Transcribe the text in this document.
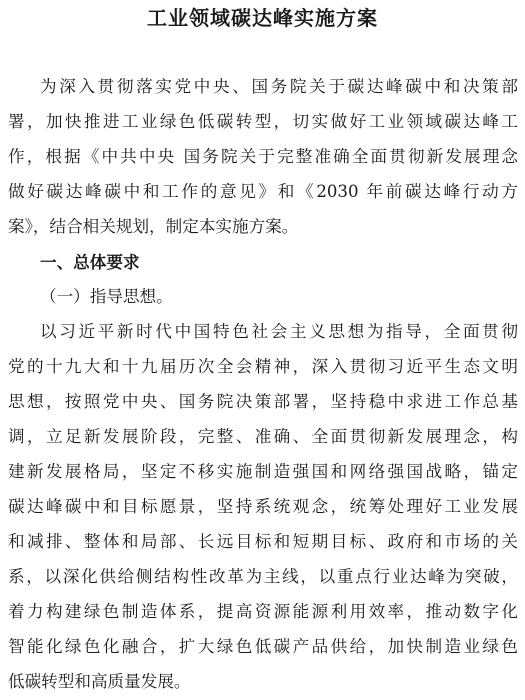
工业领域碳达峰实施方案
为深入贯彻落实党中央、国务院关于碳达峰碳中和决策部
署，加快推进工业绿色低碳转型，切实做好工业领域碳达峰工
作，根据《中共中央 国务院关于完整准确全面贯彻新发展理念
做好碳达峰碳中和工作的意见》和《2030 年前碳达峰行动方
案》，结合相关规划，制定本实施方案。
一、总体要求
（一）指导思想。
以习近平新时代中国特色社会主义思想为指导，全面贯彻
党的十九大和十九届历次全会精神，深入贯彻习近平生态文明
思想，按照党中央、国务院决策部署，坚持稳中求进工作总基
调，立足新发展阶段，完整、准确、全面贯彻新发展理念，构
建新发展格局，坚定不移实施制造强国和网络强国战略，锚定
碳达峰碳中和目标愿景，坚持系统观念，统筹处理好工业发展
和减排、整体和局部、长远目标和短期目标、政府和市场的关
系，以深化供给侧结构性改革为主线，以重点行业达峰为突破，
着力构建绿色制造体系，提高资源能源利用效率，推动数字化
智能化绿色化融合，扩大绿色低碳产品供给，加快制造业绿色
低碳转型和高质量发展。
